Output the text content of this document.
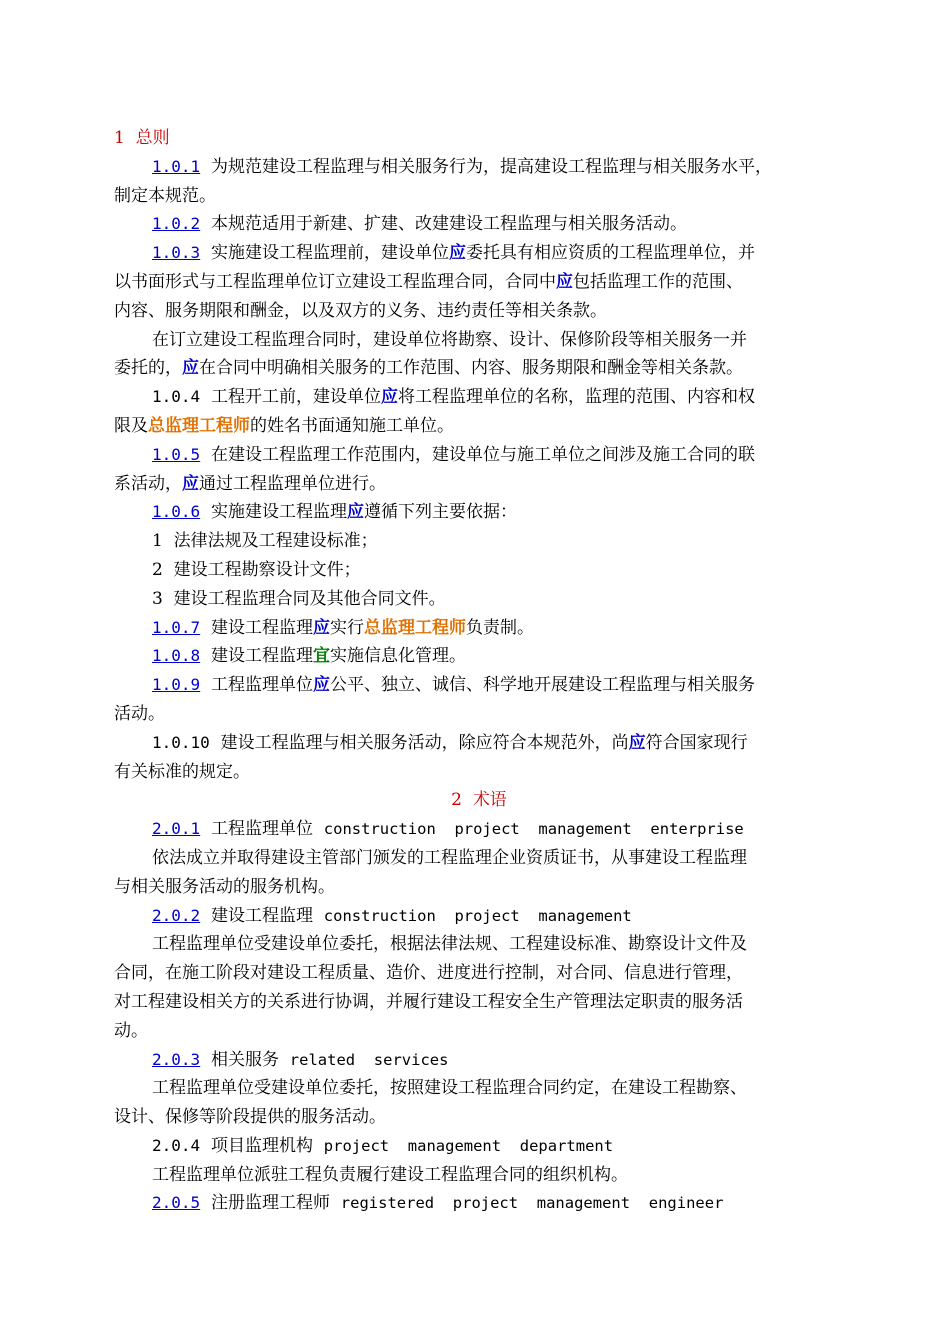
1 总则
1.0.1  为规范建设工程监理与相关服务行为，提高建设工程监理与相关服务水平，
制定本规范。
1.0.2  本规范适用于新建、扩建、改建建设工程监理与相关服务活动。
1.0.3  实施建设工程监理前，建设单位应委托具有相应资质的工程监理单位，并
以书面形式与工程监理单位订立建设工程监理合同，合同中应包括监理工作的范围、
内容、服务期限和酬金，以及双方的义务、违约责任等相关条款。
在订立建设工程监理合同时，建设单位将勘察、设计、保修阶段等相关服务一并
委托的，应在合同中明确相关服务的工作范围、内容、服务期限和酬金等相关条款。
1.0.4  工程开工前，建设单位应将工程监理单位的名称，监理的范围、内容和权
限及总监理工程师的姓名书面通知施工单位。
1.0.5  在建设工程监理工作范围内，建设单位与施工单位之间涉及施工合同的联
系活动，应通过工程监理单位进行。
1.0.6  实施建设工程监理应遵循下列主要依据：
1  法律法规及工程建设标准；
2  建设工程勘察设计文件；
3  建设工程监理合同及其他合同文件。
1.0.7  建设工程监理应实行总监理工程师负责制。
1.0.8  建设工程监理宜实施信息化管理。
1.0.9  工程监理单位应公平、独立、诚信、科学地开展建设工程监理与相关服务
活动。
1.0.10  建设工程监理与相关服务活动，除应符合本规范外，尚应符合国家现行
有关标准的规定。
2 术语
2.0.1  工程监理单位  construction  project  management  enterprise
依法成立并取得建设主管部门颁发的工程监理企业资质证书，从事建设工程监理
与相关服务活动的服务机构。
2.0.2  建设工程监理  construction  project  management
工程监理单位受建设单位委托，根据法律法规、工程建设标准、勘察设计文件及
合同，在施工阶段对建设工程质量、造价、进度进行控制，对合同、信息进行管理，
对工程建设相关方的关系进行协调，并履行建设工程安全生产管理法定职责的服务活
动。
2.0.3  相关服务  related  services
工程监理单位受建设单位委托，按照建设工程监理合同约定，在建设工程勘察、
设计、保修等阶段提供的服务活动。
2.0.4  项目监理机构  project  management  department
工程监理单位派驻工程负责履行建设工程监理合同的组织机构。
2.0.5  注册监理工程师  registered  project  management  engineer
